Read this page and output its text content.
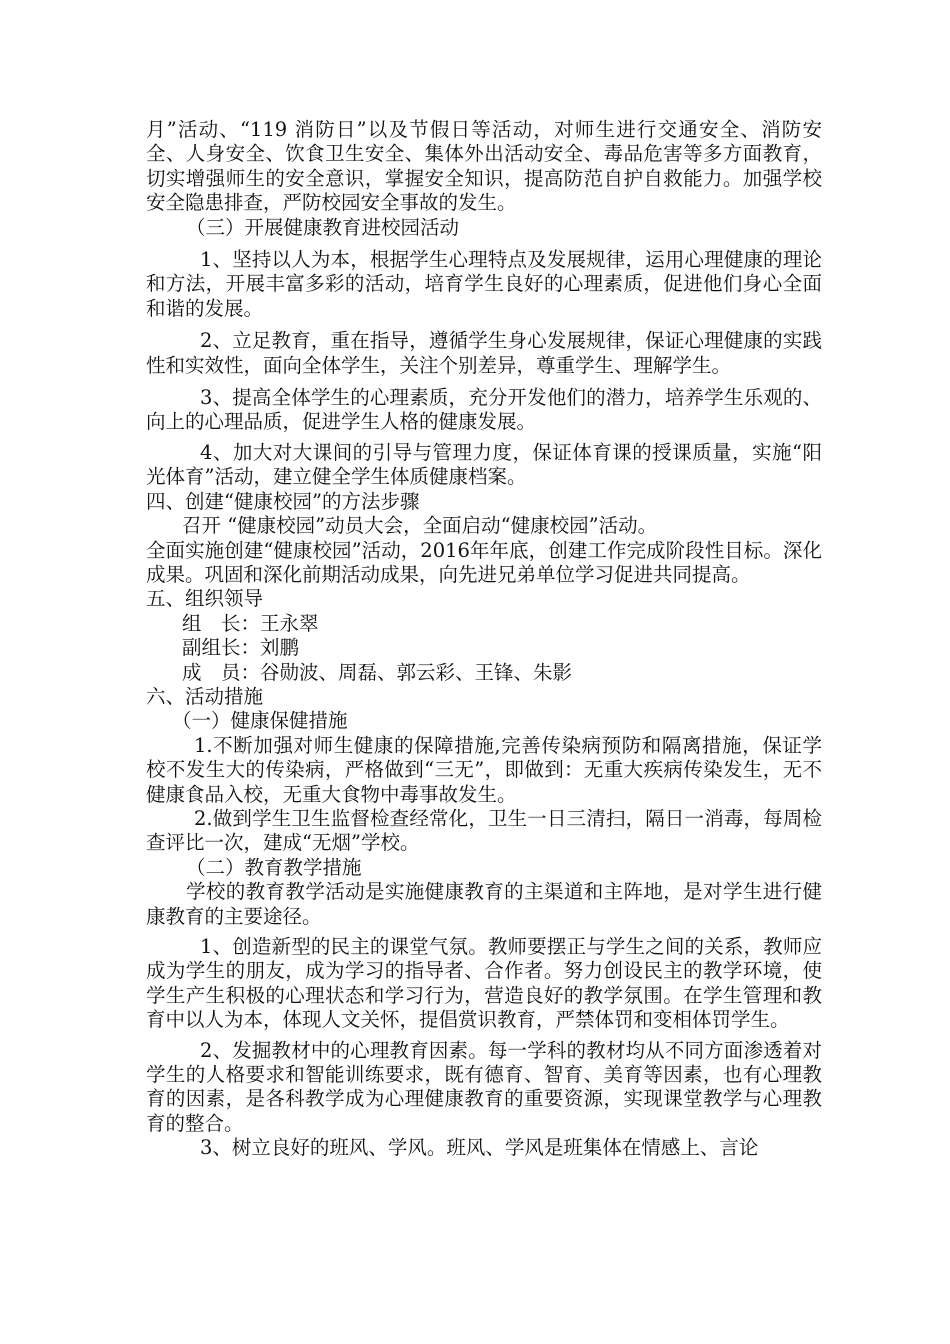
月”活动、“119 消防日”以及节假日等活动，对师生进行交通安全、消防安全、人身安全、饮食卫生安全、集体外出活动安全、毒品危害等多方面教育，切实增强师生的安全意识，掌握安全知识，提高防范自护自救能力。加强学校安全隐患排查，严防校园安全事故的发生。

（三）开展健康教育进校园活动

1、坚持以人为本，根据学生心理特点及发展规律，运用心理健康的理论和方法，开展丰富多彩的活动，培育学生良好的心理素质，促进他们身心全面和谐的发展。

2、立足教育，重在指导，遵循学生身心发展规律，保证心理健康的实践性和实效性，面向全体学生，关注个别差异，尊重学生、理解学生。

3、提高全体学生的心理素质，充分开发他们的潜力，培养学生乐观的、向上的心理品质，促进学生人格的健康发展。

4、加大对大课间的引导与管理力度，保证体育课的授课质量，实施“阳光体育”活动，建立健全学生体质健康档案。

四、创建“健康校园”的方法步骤

召开 “健康校园”动员大会，全面启动“健康校园”活动。

全面实施创建“健康校园”活动，2016年年底，创建工作完成阶段性目标。深化成果。巩固和深化前期活动成果，向先进兄弟单位学习促进共同提高。

五、组织领导

组　长：王永翠

副组长：刘鹏

成　员：谷勋波、周磊、郭云彩、王锋、朱影

六、活动措施

（一）健康保健措施

1.不断加强对师生健康的保障措施,完善传染病预防和隔离措施，保证学校不发生大的传染病，严格做到“三无”，即做到：无重大疾病传染发生，无不健康食品入校，无重大食物中毒事故发生。

2.做到学生卫生监督检查经常化，卫生一日三清扫，隔日一消毒，每周检查评比一次，建成“无烟”学校。

（二）教育教学措施

学校的教育教学活动是实施健康教育的主渠道和主阵地，是对学生进行健康教育的主要途径。

1、创造新型的民主的课堂气氛。教师要摆正与学生之间的关系，教师应成为学生的朋友，成为学习的指导者、合作者。努力创设民主的教学环境，使学生产生积极的心理状态和学习行为，营造良好的教学氛围。在学生管理和教育中以人为本，体现人文关怀，提倡赏识教育，严禁体罚和变相体罚学生。

2、发掘教材中的心理教育因素。每一学科的教材均从不同方面渗透着对学生的人格要求和智能训练要求，既有德育、智育、美育等因素，也有心理教育的因素，是各科教学成为心理健康教育的重要资源，实现课堂教学与心理教育的整合。

3、树立良好的班风、学风。班风、学风是班集体在情感上、言论
